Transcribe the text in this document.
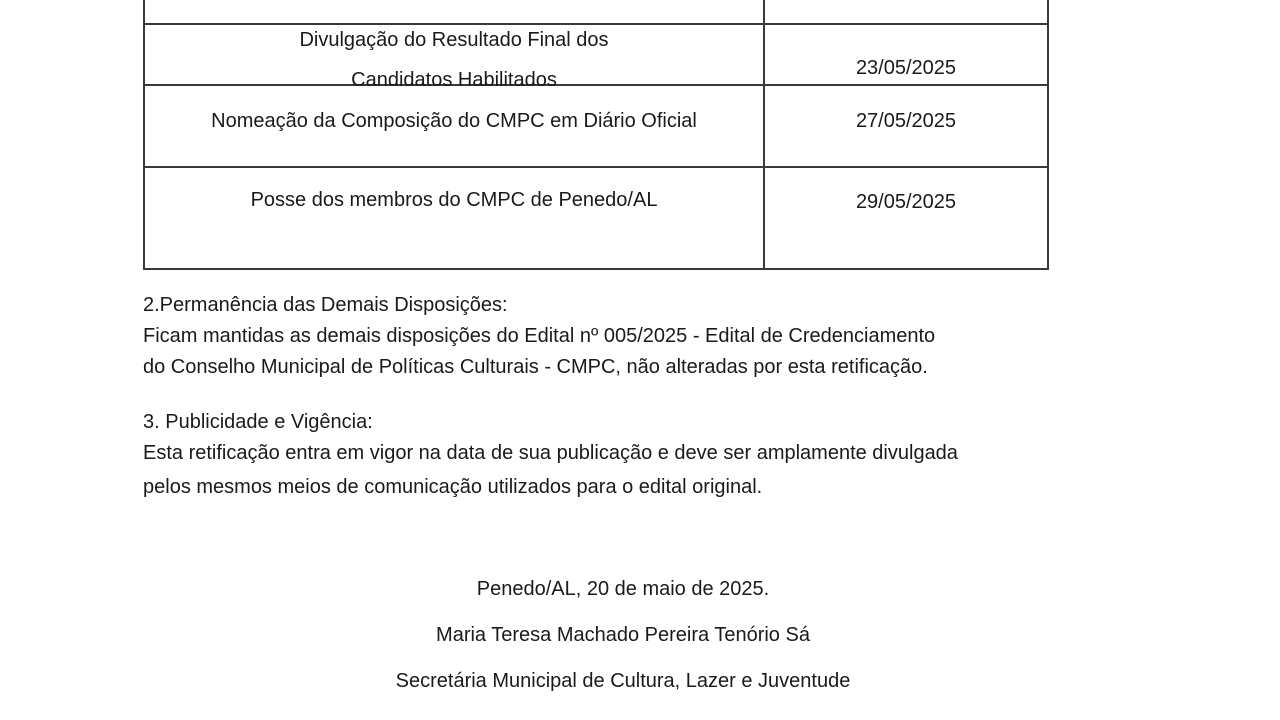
Divulgação do Resultado Final dos
Candidatos Habilitados
23/05/2025
Nomeação da Composição do CMPC em Diário Oficial	27/05/2025
Posse dos membros do CMPC de Penedo/AL	29/05/2025
2.Permanência das Demais Disposições:
Ficam mantidas as demais disposições do Edital nº 005/2025 - Edital de Credenciamento
do Conselho Municipal de Políticas Culturais - CMPC, não alteradas por esta retificação.
3. Publicidade e Vigência:
Esta retificação entra em vigor na data de sua publicação e deve ser amplamente divulgada
pelos mesmos meios de comunicação utilizados para o edital original.
Penedo/AL, 20 de maio de 2025.
Maria Teresa Machado Pereira Tenório Sá
Secretária Municipal de Cultura, Lazer e Juventude
